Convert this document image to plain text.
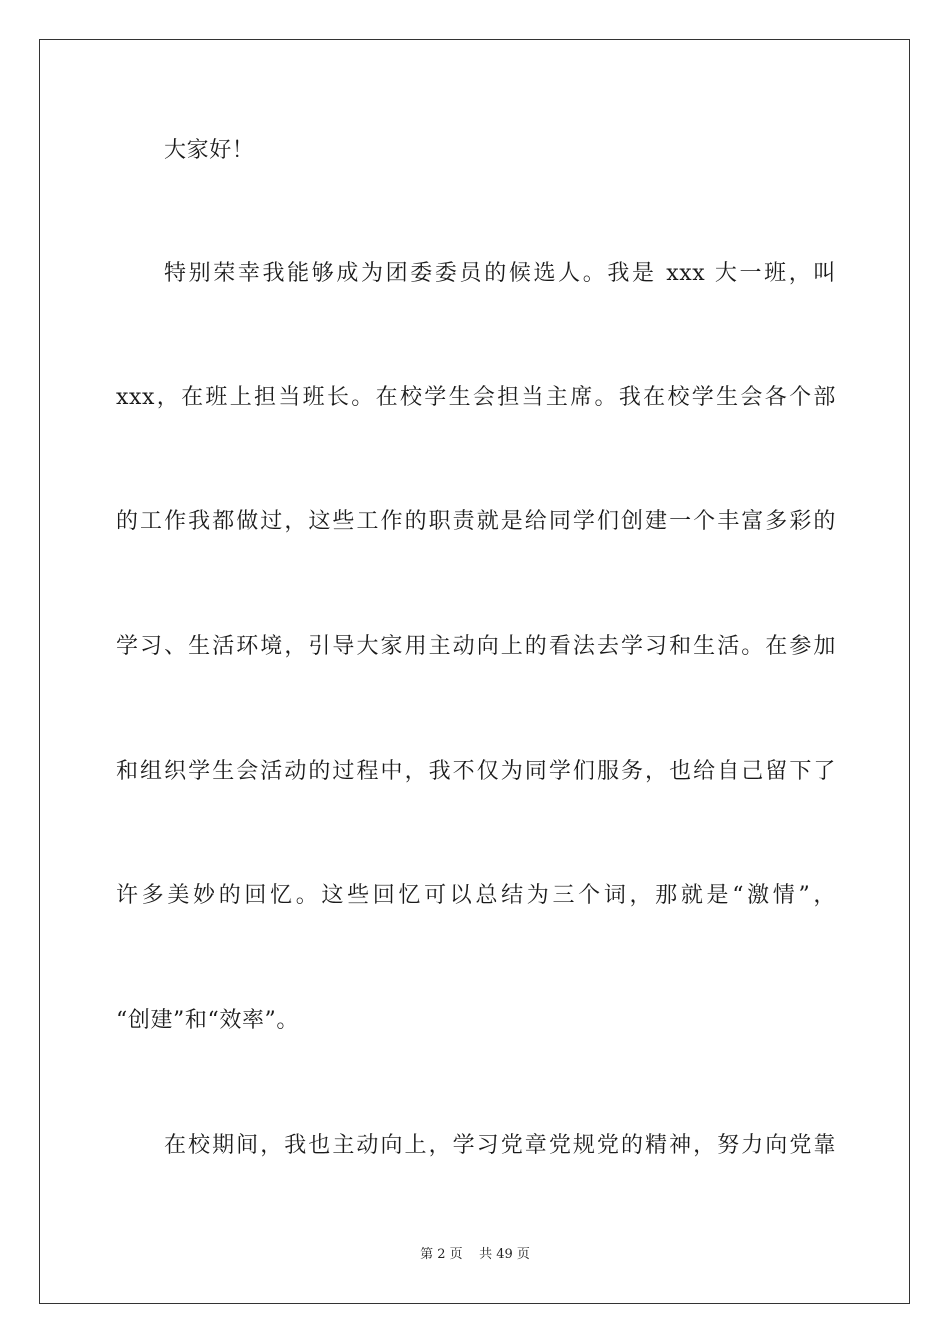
大家好！

特别荣幸我能够成为团委委员的候选人。我是 xxx 大一班，叫

xxx，在班上担当班长。在校学生会担当主席。我在校学生会各个部

的工作我都做过，这些工作的职责就是给同学们创建一个丰富多彩的

学习、生活环境，引导大家用主动向上的看法去学习和生活。在参加

和组织学生会活动的过程中，我不仅为同学们服务，也给自己留下了

许多美妙的回忆。这些回忆可以总结为三个词，那就是“激情”，

“创建”和“效率”。

在校期间，我也主动向上，学习党章党规党的精神，努力向党靠

第 2 页    共 49 页
